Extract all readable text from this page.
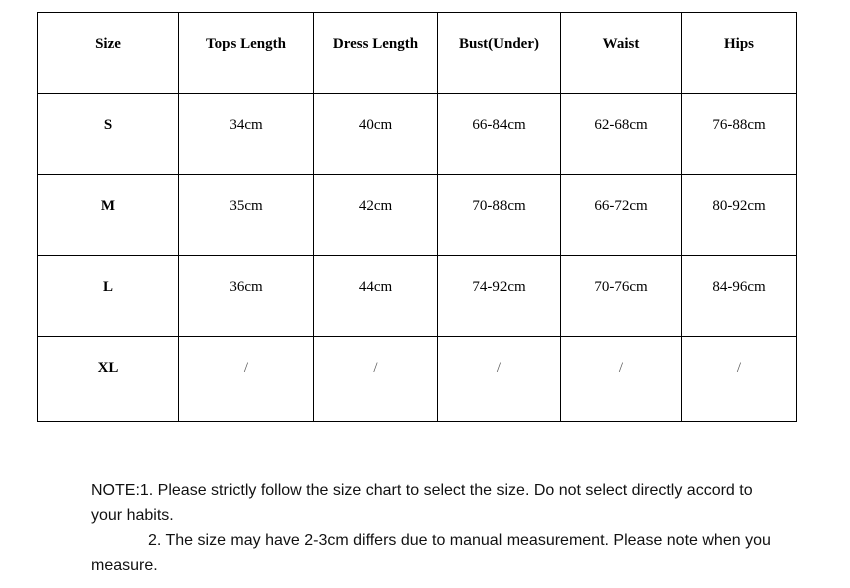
Size	Tops Length	Dress Length	Bust(Under)	Waist	Hips
S	34cm	40cm	66-84cm	62-68cm	76-88cm
M	35cm	42cm	70-88cm	66-72cm	80-92cm
L	36cm	44cm	74-92cm	70-76cm	84-96cm
XL	/	/	/	/	/

NOTE:1. Please strictly follow the size chart to select the size. Do not select directly accord to your habits.

2. The size may have 2-3cm differs due to manual measurement. Please note when you measure.
